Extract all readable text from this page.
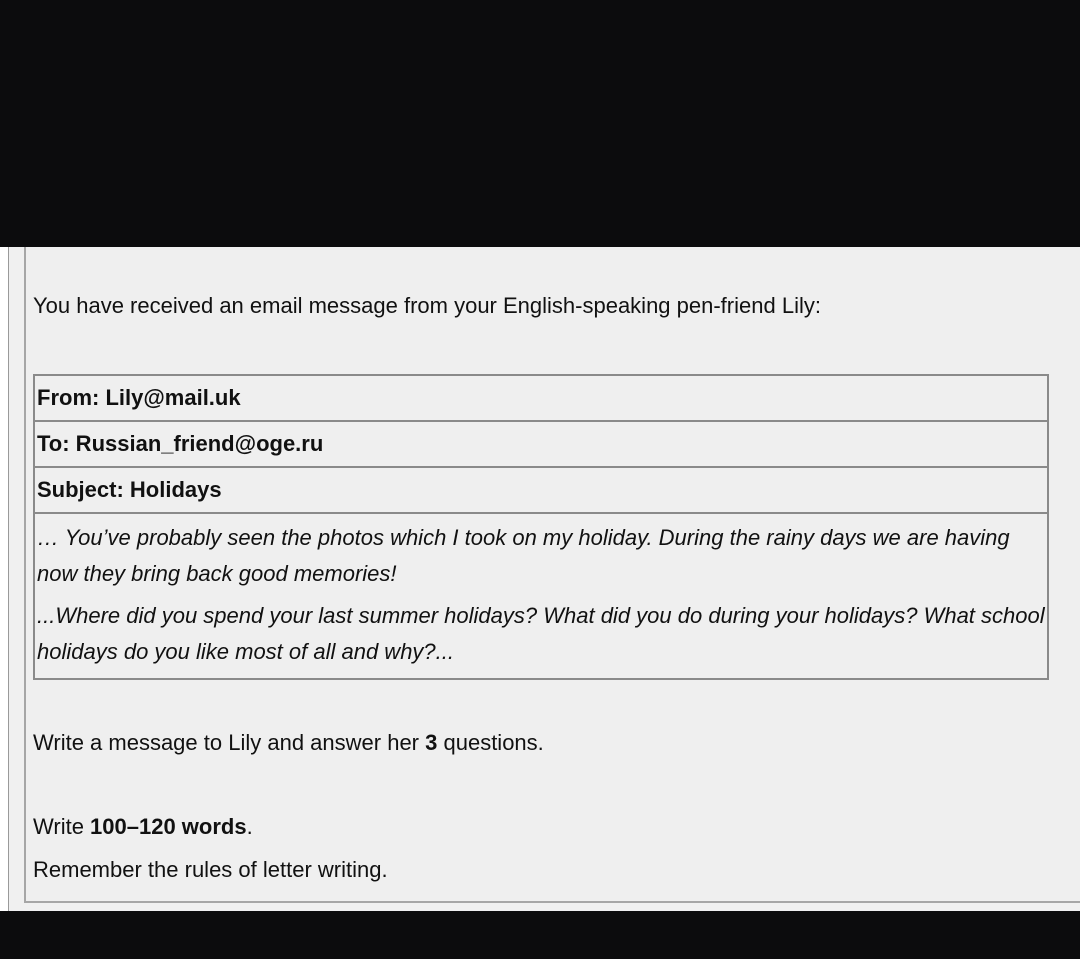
You have received an email message from your English-speaking pen-friend Lily:
From: Lily@mail.uk
To: Russian_friend@oge.ru
Subject: Holidays

… You’ve probably seen the photos which I took on my holiday. During the rainy days we are having now they bring back good memories!

...Where did you spend your last summer holidays? What did you do during your holidays? What school holidays do you like most of all and why?...

Write a message to Lily and answer her 3 questions.
Write 100–120 words.
Remember the rules of letter writing.
